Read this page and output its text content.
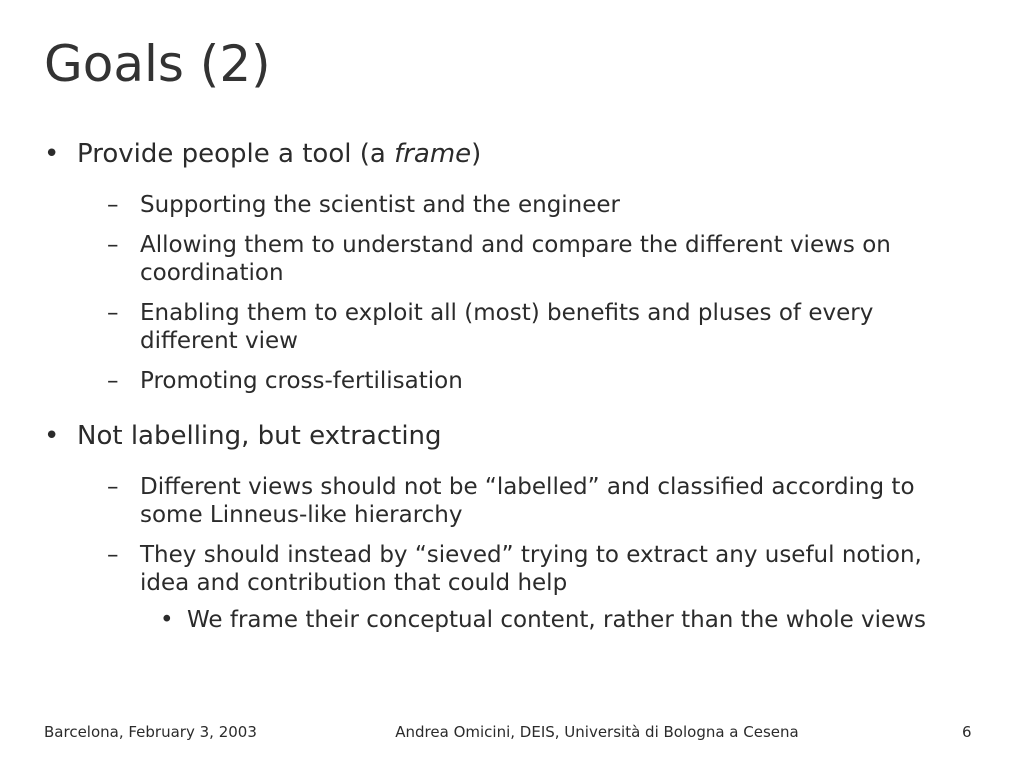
Goals (2)
• Provide people a tool (a frame)
– Supporting the scientist and the engineer
– Allowing them to understand and compare the different views on coordination
– Enabling them to exploit all (most) benefits and pluses of every different view
– Promoting cross-fertilisation
• Not labelling, but extracting
– Different views should not be “labelled” and classified according to some Linneus-like hierarchy
– They should instead by “sieved” trying to extract any useful notion, idea and contribution that could help
• We frame their conceptual content, rather than the whole views
Barcelona, February 3, 2003	Andrea Omicini, DEIS, Università di Bologna a Cesena	6
